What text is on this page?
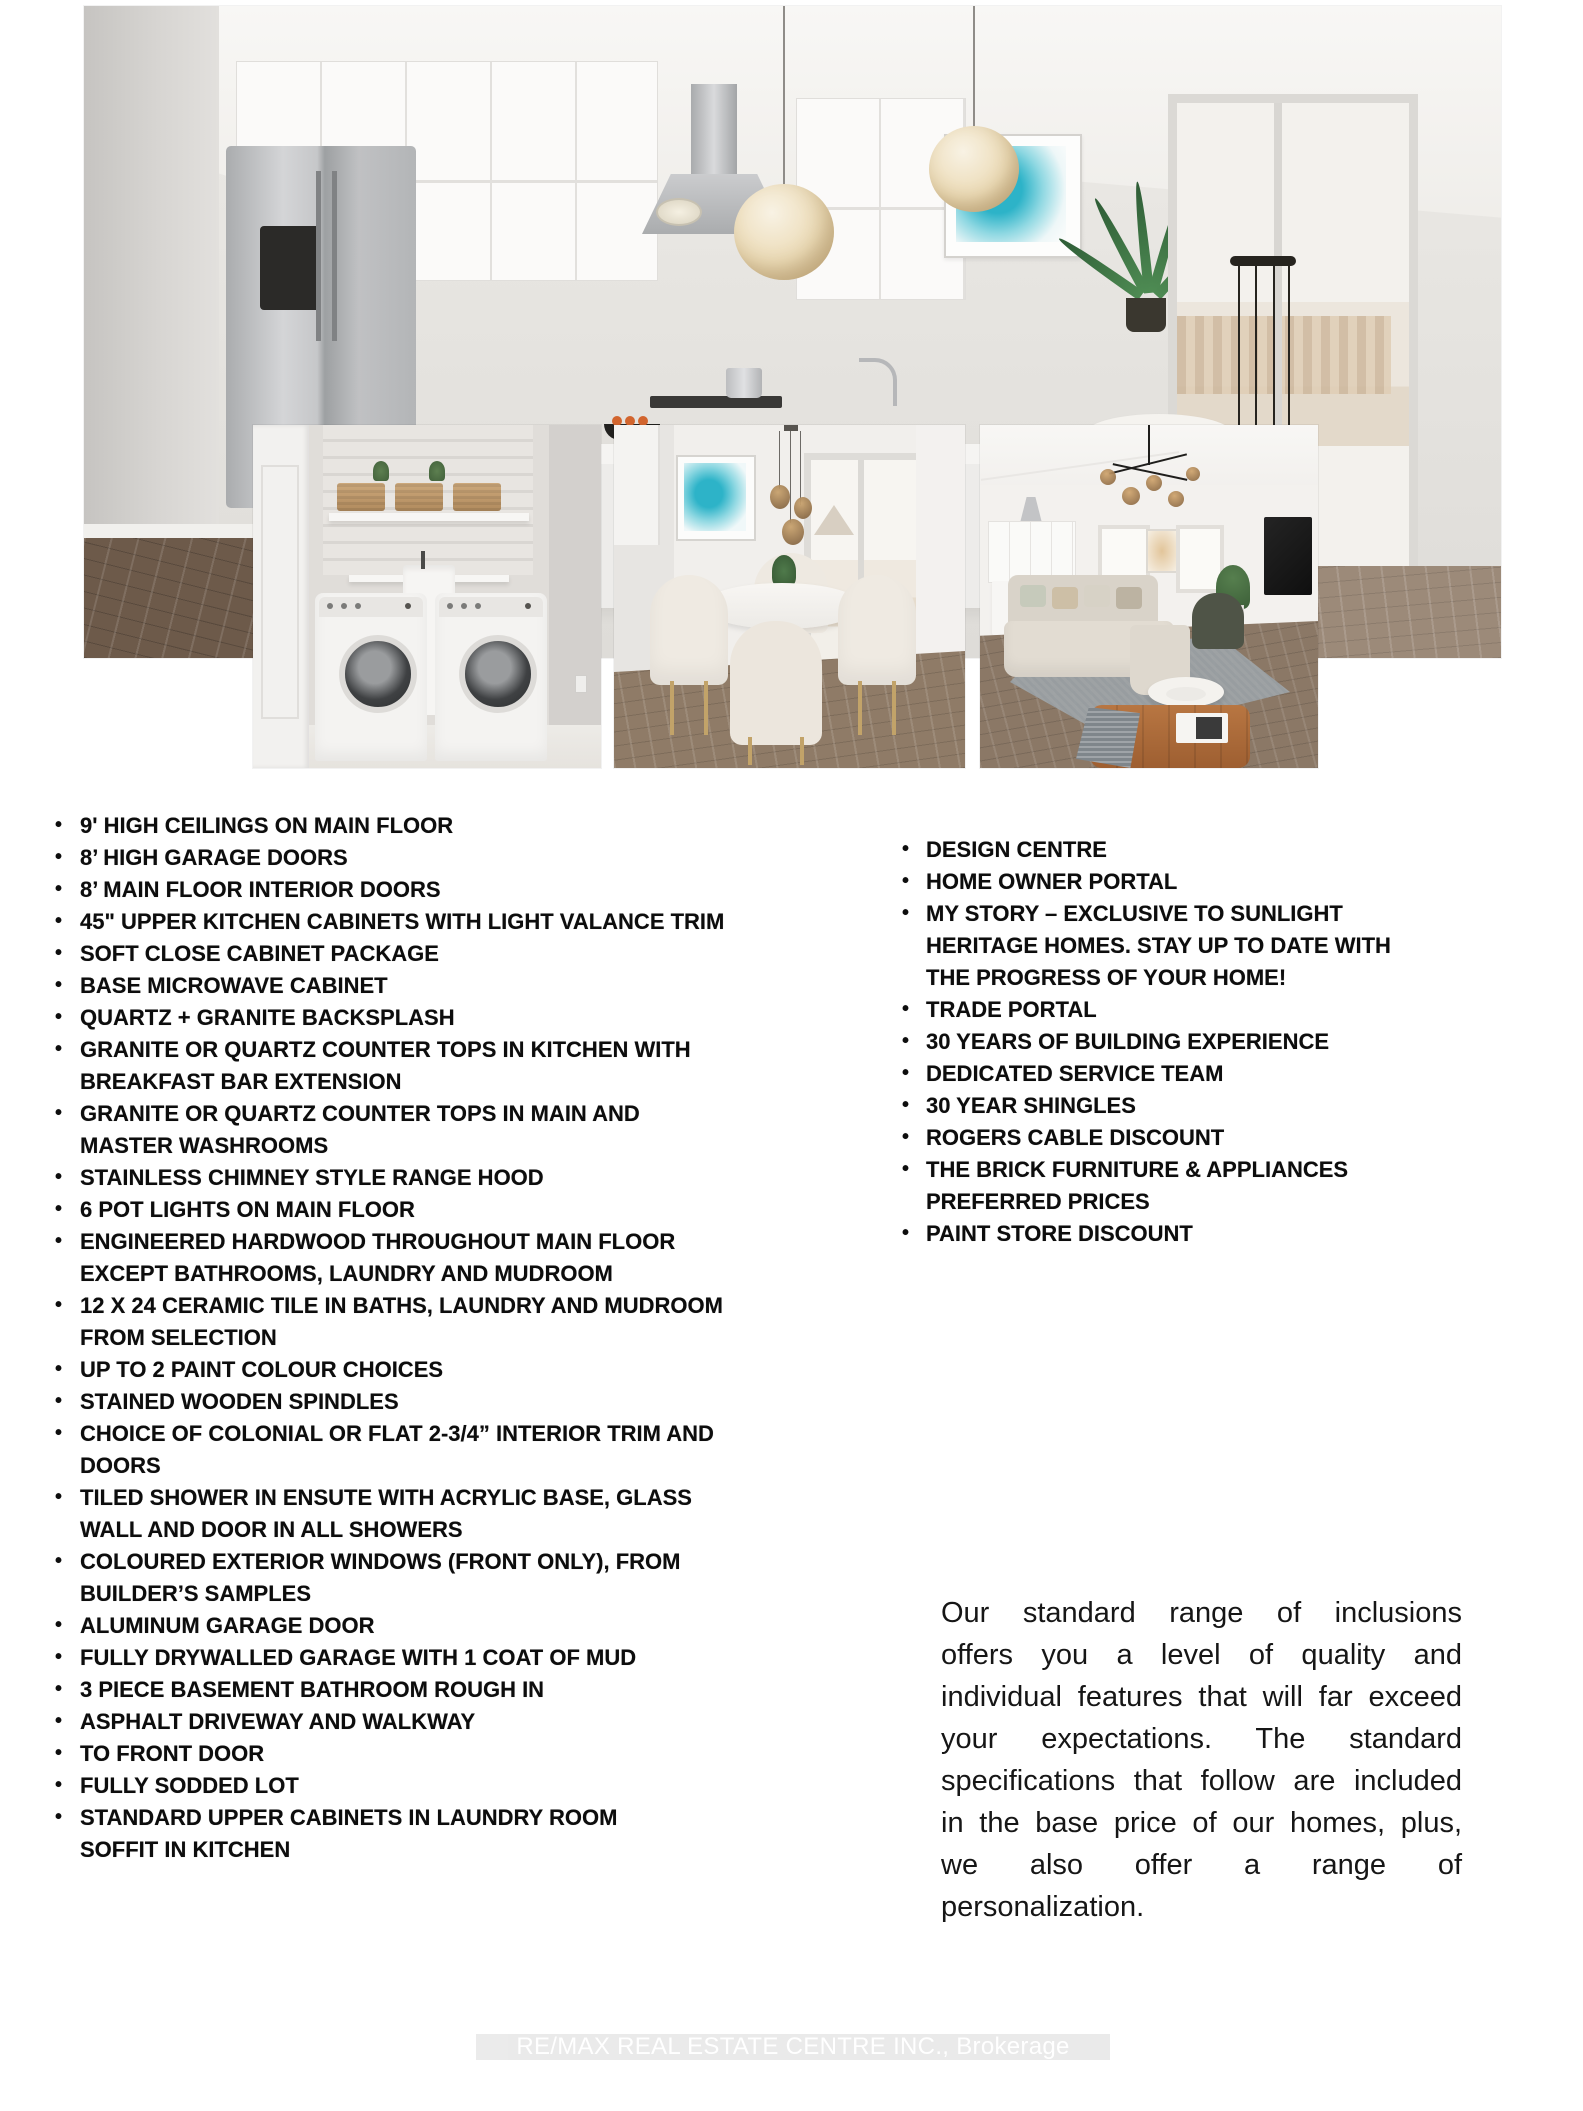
• 9' HIGH CEILINGS ON MAIN FLOOR
• 8’ HIGH GARAGE DOORS
• 8’ MAIN FLOOR INTERIOR DOORS
• 45" UPPER KITCHEN CABINETS WITH LIGHT VALANCE TRIM
• SOFT CLOSE CABINET PACKAGE
• BASE MICROWAVE CABINET
• QUARTZ + GRANITE BACKSPLASH
• GRANITE OR QUARTZ COUNTER TOPS IN KITCHEN WITH
BREAKFAST BAR EXTENSION
• GRANITE OR QUARTZ COUNTER TOPS IN MAIN AND
MASTER WASHROOMS
• STAINLESS CHIMNEY STYLE RANGE HOOD
• 6 POT LIGHTS ON MAIN FLOOR
• ENGINEERED HARDWOOD THROUGHOUT MAIN FLOOR
EXCEPT BATHROOMS, LAUNDRY AND MUDROOM
• 12 X 24 CERAMIC TILE IN BATHS, LAUNDRY AND MUDROOM
FROM SELECTION
• UP TO 2 PAINT COLOUR CHOICES
• STAINED WOODEN SPINDLES
• CHOICE OF COLONIAL OR FLAT 2-3/4” INTERIOR TRIM AND
DOORS
• TILED SHOWER IN ENSUTE WITH ACRYLIC BASE, GLASS
WALL AND DOOR IN ALL SHOWERS
• COLOURED EXTERIOR WINDOWS (FRONT ONLY), FROM
BUILDER’S SAMPLES
• ALUMINUM GARAGE DOOR
• FULLY DRYWALLED GARAGE WITH 1 COAT OF MUD
• 3 PIECE BASEMENT BATHROOM ROUGH IN
• ASPHALT DRIVEWAY AND WALKWAY
• TO FRONT DOOR
• FULLY SODDED LOT
• STANDARD UPPER CABINETS IN LAUNDRY ROOM
SOFFIT IN KITCHEN
• DESIGN CENTRE
• HOME OWNER PORTAL
• MY STORY – EXCLUSIVE TO SUNLIGHT
HERITAGE HOMES. STAY UP TO DATE WITH
THE PROGRESS OF YOUR HOME!
• TRADE PORTAL
• 30 YEARS OF BUILDING EXPERIENCE
• DEDICATED SERVICE TEAM
• 30 YEAR SHINGLES
• ROGERS CABLE DISCOUNT
• THE BRICK FURNITURE & APPLIANCES
PREFERRED PRICES
• PAINT STORE DISCOUNT
Our standard range of inclusions
offers you a level of quality and
individual features that will far exceed
your expectations. The standard
specifications that follow are included
in the base price of our homes, plus,
we also offer a range of
personalization.
RE/MAX REAL ESTATE CENTRE INC., Brokerage
